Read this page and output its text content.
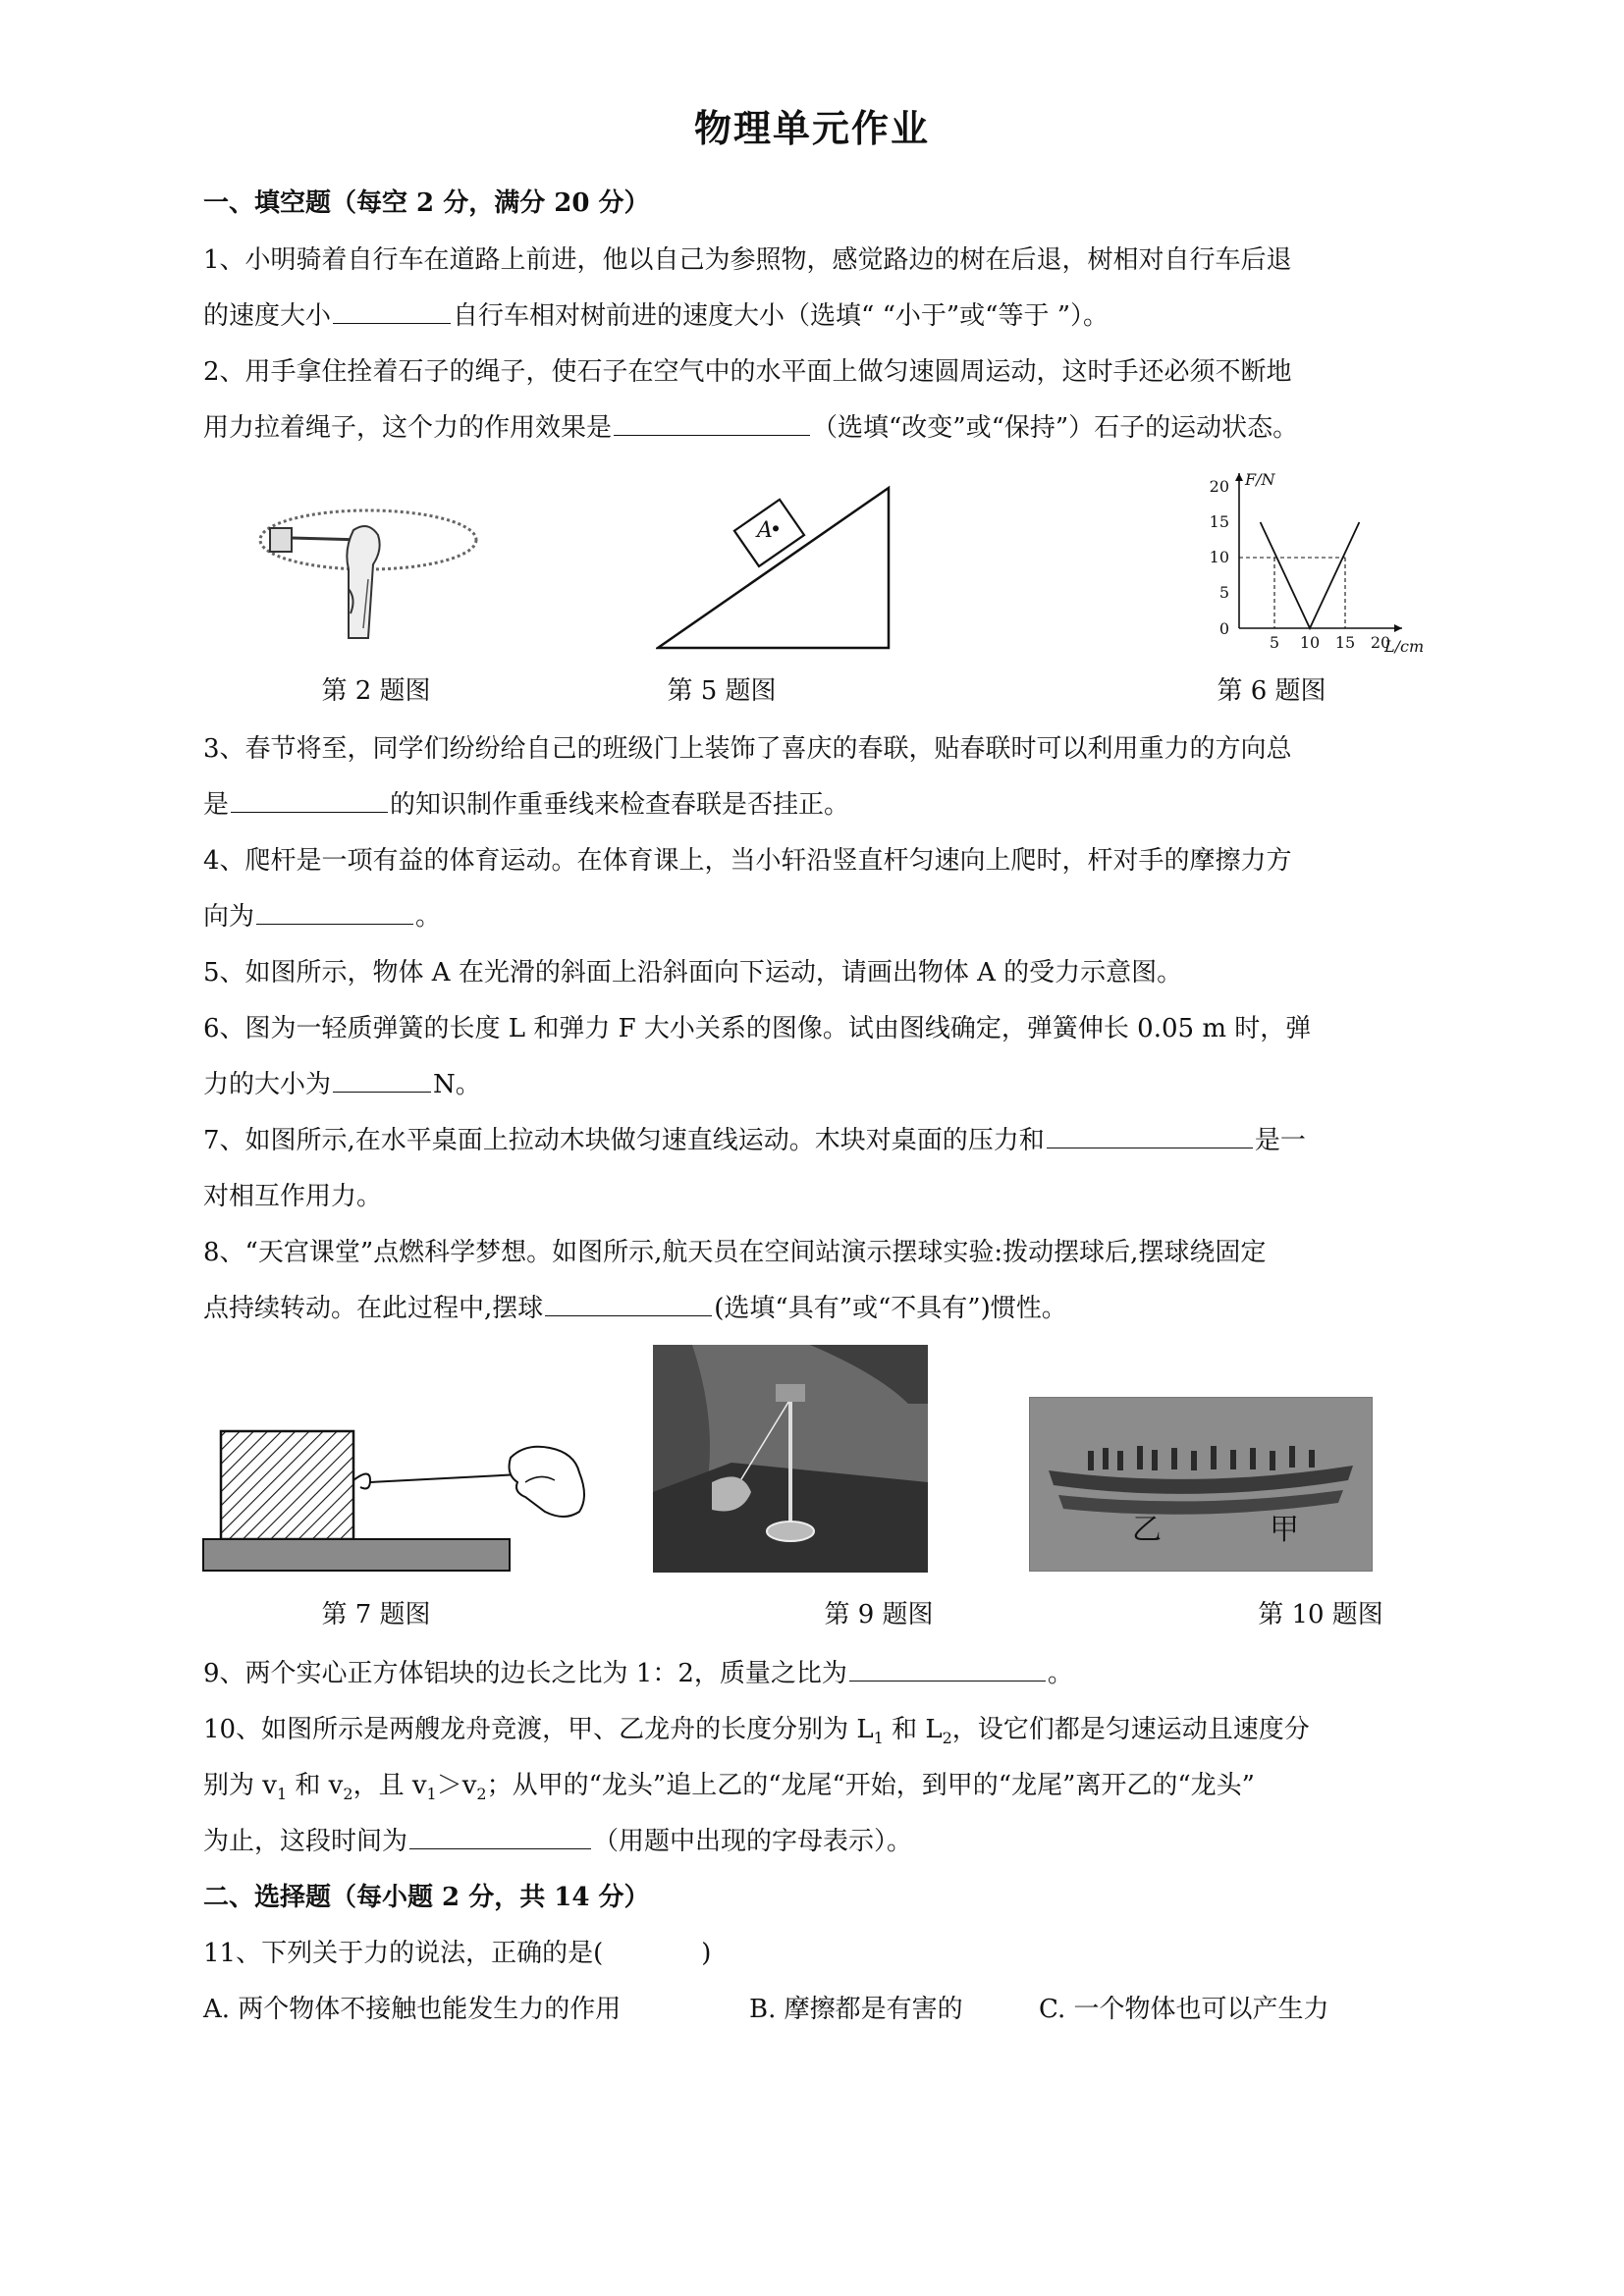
物理单元作业
一、填空题（每空 2 分，满分 20 分）
1、小明骑着自行车在道路上前进，他以自己为参照物，感觉路边的树在后退，树相对自行车后退
的速度大小	自行车相对树前进的速度大小（选填“ “小于”或“等于 ”）。
2、用手拿住拴着石子的绳子，使石子在空气中的水平面上做匀速圆周运动，这时手还必须不断地
用力拉着绳子，这个力的作用效果是	（选填“改变”或“保持”）石子的运动状态。
A
5 10 15 20
5
10
15
20
0
F/N
L/cm
第 2 题图	第 5 题图	第 6 题图
3、春节将至，同学们纷纷给自己的班级门上装饰了喜庆的春联，贴春联时可以利用重力的方向总
是	的知识制作重垂线来检查春联是否挂正。
4、爬杆是一项有益的体育运动。在体育课上，当小轩沿竖直杆匀速向上爬时，杆对手的摩擦力方
向为	。
5、如图所示，物体 A 在光滑的斜面上沿斜面向下运动，请画出物体 A 的受力示意图。
6、图为一轻质弹簧的长度 L 和弹力 F 大小关系的图像。试由图线确定，弹簧伸长 0.05 m 时，弹
力的大小为	N。
7、如图所示,在水平桌面上拉动木块做匀速直线运动。木块对桌面的压力和	是一
对相互作用力。
8、“天宫课堂”点燃科学梦想。如图所示,航天员在空间站演示摆球实验:拨动摆球后,摆球绕固定
点持续转动。在此过程中,摆球	(选填“具有”或“不具有”)惯性。
乙	甲
第 7 题图	第 9 题图	第 10 题图
9、两个实心正方体铝块的边长之比为 1：2，质量之比为	。
10、如图所示是两艘龙舟竞渡，甲、乙龙舟的长度分别为 $L_1$ 和 $L_2$，设它们都是匀速运动且速度分
别为 $v_1$ 和 $v_2$，且 $v_1>v_2$；从甲的“龙头”追上乙的“龙尾“开始，到甲的“龙尾”离开乙的“龙头”
为止，这段时间为	（用题中出现的字母表示）。
二、选择题（每小题 2 分，共 14 分）
11、下列关于力的说法，正确的是(	)
A. 两个物体不接触也能发生力的作用	B. 摩擦都是有害的	C. 一个物体也可以产生力
